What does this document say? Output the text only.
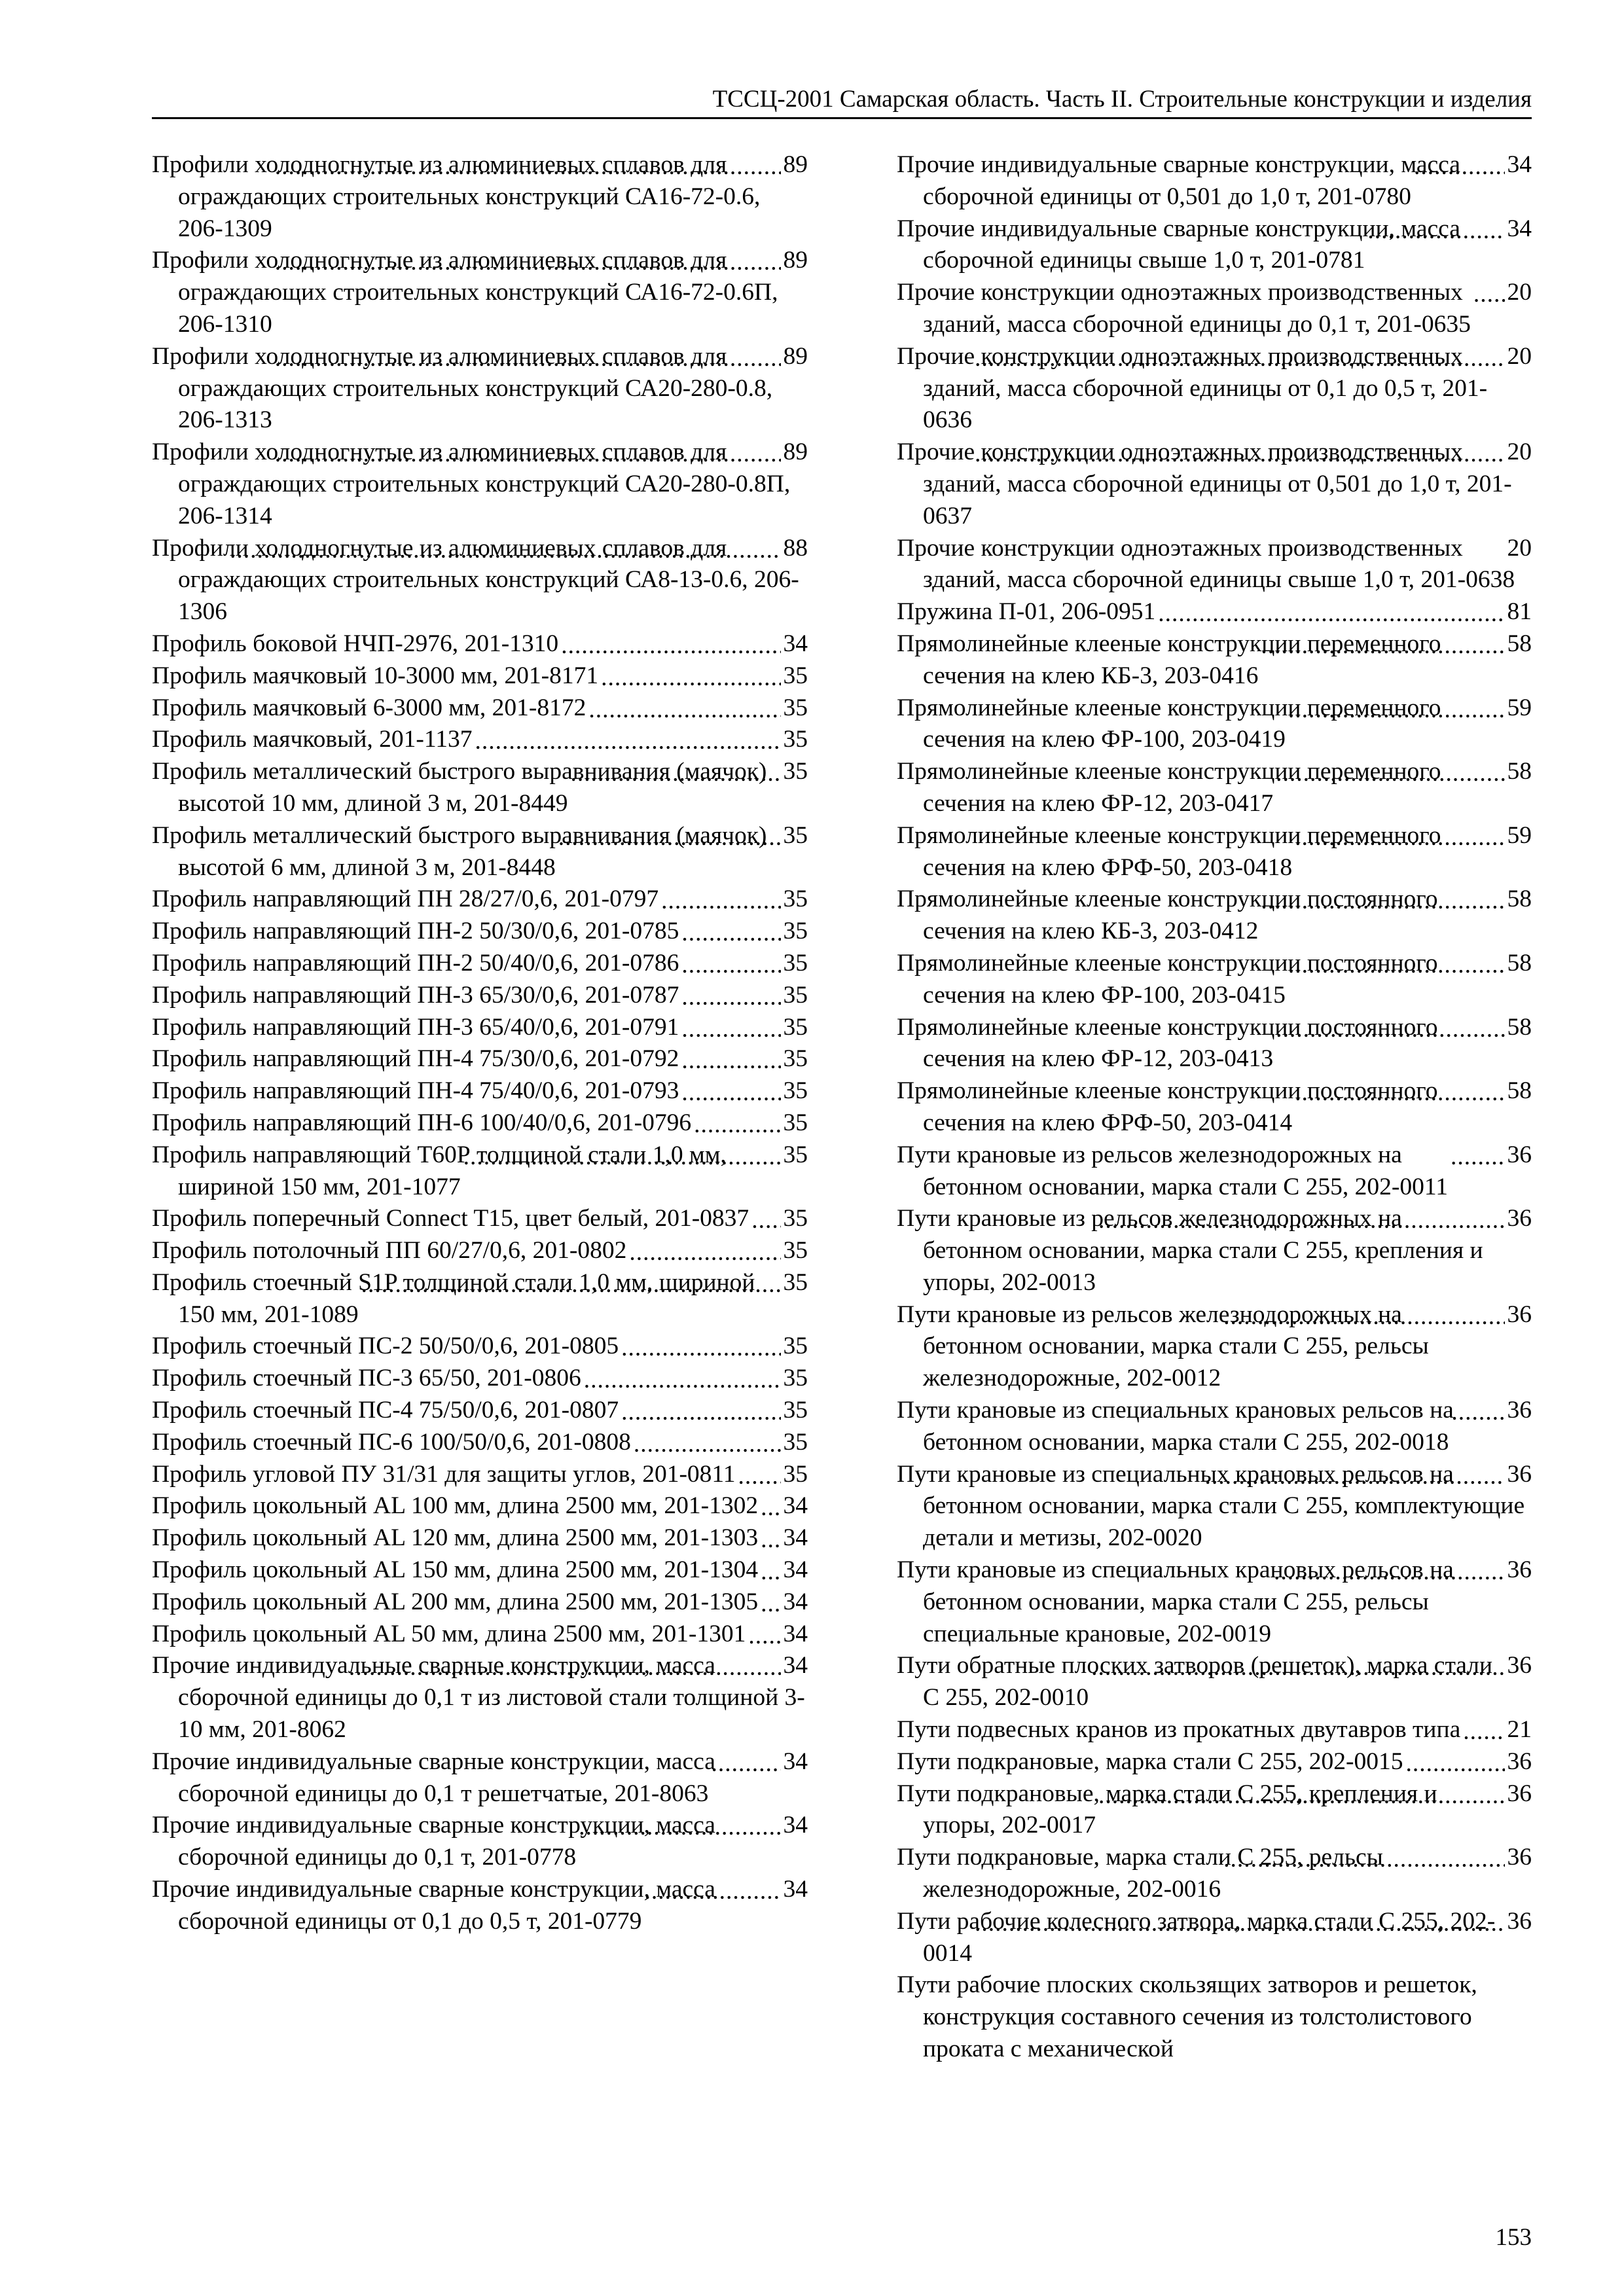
ТССЦ-2001 Самарская область. Часть II. Строительные конструкции и изделия
89
Профили холодногнутые из алюминиевых сплавов для ограждающих строительных конструкций СА16-72-0.6, 206-1309 .....
89
Профили холодногнутые из алюминиевых сплавов для ограждающих строительных конструкций СА16-72-0.6П, 206-1310 .....
89
Профили холодногнутые из алюминиевых сплавов для ограждающих строительных конструкций СА20-280-0.8, 206-1313 .....
89
Профили холодногнутые из алюминиевых сплавов для ограждающих строительных конструкций СА20-280-0.8П, 206-1314 .....
88
Профили холодногнутые из алюминиевых сплавов для ограждающих строительных конструкций СА8-13-0.6, 206-1306 .....
34
Профиль боковой НЧП-2976, 201-1310 .....
35
Профиль маячковый 10-3000 мм, 201-8171 .....
35
Профиль маячковый 6-3000 мм, 201-8172 .....
35
Профиль маячковый, 201-1137 .....
35
Профиль металлический быстрого выравнивания (маячок) высотой 10 мм, длиной 3 м, 201-8449 .....
35
Профиль металлический быстрого выравнивания (маячок) высотой 6 мм, длиной 3 м, 201-8448 .....
35
Профиль направляющий ПН 28/27/0,6, 201-0797 .....
35
Профиль направляющий ПН-2 50/30/0,6, 201-0785 .....
35
Профиль направляющий ПН-2 50/40/0,6, 201-0786 .....
35
Профиль направляющий ПН-3 65/30/0,6, 201-0787 .....
35
Профиль направляющий ПН-3 65/40/0,6, 201-0791 .....
35
Профиль направляющий ПН-4 75/30/0,6, 201-0792 .....
35
Профиль направляющий ПН-4 75/40/0,6, 201-0793 .....
35
Профиль направляющий ПН-6 100/40/0,6, 201-0796 .....
35
Профиль направляющий Т60Р толщиной стали 1,0 мм, шириной 150 мм, 201-1077 .....
35
Профиль поперечный Connect T15, цвет белый, 201-0837 .....
35
Профиль потолочный ПП 60/27/0,6, 201-0802 .....
35
Профиль стоечный S1P толщиной стали 1,0 мм, шириной 150 мм, 201-1089 .....
35
Профиль стоечный ПС-2 50/50/0,6, 201-0805 .....
35
Профиль стоечный ПС-3 65/50, 201-0806 .....
35
Профиль стоечный ПС-4 75/50/0,6, 201-0807 .....
35
Профиль стоечный ПС-6 100/50/0,6, 201-0808 .....
35
Профиль угловой ПУ 31/31 для защиты углов, 201-0811 .....
34
Профиль цокольный AL 100 мм, длина 2500 мм, 201-1302 .....
34
Профиль цокольный AL 120 мм, длина 2500 мм, 201-1303 .....
34
Профиль цокольный AL 150 мм, длина 2500 мм, 201-1304 .....
34
Профиль цокольный AL 200 мм, длина 2500 мм, 201-1305 .....
34
Профиль цокольный AL 50 мм, длина 2500 мм, 201-1301 .....
34
Прочие индивидуальные сварные конструкции, масса сборочной единицы до 0,1 т из листовой стали толщиной 3-10 мм, 201-8062 .....
34
Прочие индивидуальные сварные конструкции, масса сборочной единицы до 0,1 т решетчатые, 201-8063 .....
34
Прочие индивидуальные сварные конструкции, масса сборочной единицы до 0,1 т, 201-0778 .....
34
Прочие индивидуальные сварные конструкции, масса сборочной единицы от 0,1 до 0,5 т, 201-0779 .....
34
Прочие индивидуальные сварные конструкции, масса сборочной единицы от 0,501 до 1,0 т, 201-0780 .....
34
Прочие индивидуальные сварные конструкции, масса сборочной единицы свыше 1,0 т, 201-0781 .....
20
Прочие конструкции одноэтажных производственных зданий, масса сборочной единицы до 0,1 т, 201-0635 .....
20
Прочие конструкции одноэтажных производственных зданий, масса сборочной единицы от 0,1 до 0,5 т, 201-0636 .....
20
Прочие конструкции одноэтажных производственных зданий, масса сборочной единицы от 0,501 до 1,0 т, 201-0637 .....
20
Прочие конструкции одноэтажных производственных зданий, масса сборочной единицы свыше 1,0 т, 201-0638 .....
81
Пружина П-01, 206-0951 .....
58
Прямолинейные клееные конструкции переменного сечения на клею КБ-3, 203-0416 .....
59
Прямолинейные клееные конструкции переменного сечения на клею ФР-100, 203-0419 .....
58
Прямолинейные клееные конструкции переменного сечения на клею ФР-12, 203-0417 .....
59
Прямолинейные клееные конструкции переменного сечения на клею ФРФ-50, 203-0418 .....
58
Прямолинейные клееные конструкции постоянного сечения на клею КБ-3, 203-0412 .....
58
Прямолинейные клееные конструкции постоянного сечения на клею ФР-100, 203-0415 .....
58
Прямолинейные клееные конструкции постоянного сечения на клею ФР-12, 203-0413 .....
58
Прямолинейные клееные конструкции постоянного сечения на клею ФРФ-50, 203-0414 .....
36
Пути крановые из рельсов железнодорожных на бетонном основании, марка стали С 255, 202-0011 .....
36
Пути крановые из рельсов железнодорожных на бетонном основании, марка стали С 255, крепления и упоры, 202-0013 .....
36
Пути крановые из рельсов железнодорожных на бетонном основании, марка стали С 255, рельсы железнодорожные, 202-0012 .....
36
Пути крановые из специальных крановых рельсов на бетонном основании, марка стали С 255, 202-0018 .....
36
Пути крановые из специальных крановых рельсов на бетонном основании, марка стали С 255, комплектующие детали и метизы, 202-0020 .....
36
Пути крановые из специальных крановых рельсов на бетонном основании, марка стали С 255, рельсы специальные крановые, 202-0019 .....
36
Пути обратные плоских затворов (решеток), марка стали С 255, 202-0010 .....
21
Пути подвесных кранов из прокатных двутавров типа .....
36
Пути подкрановые, марка стали С 255, 202-0015 .....
36
Пути подкрановые, марка стали С 255, крепления и упоры, 202-0017 .....
36
Пути подкрановые, марка стали С 255, рельсы железнодорожные, 202-0016 .....
36
Пути рабочие колесного затвора, марка стали С 255, 202-0014 .....
Пути рабочие плоских скользящих затворов и решеток, конструкция составного сечения из толстолистового проката с механической
153
